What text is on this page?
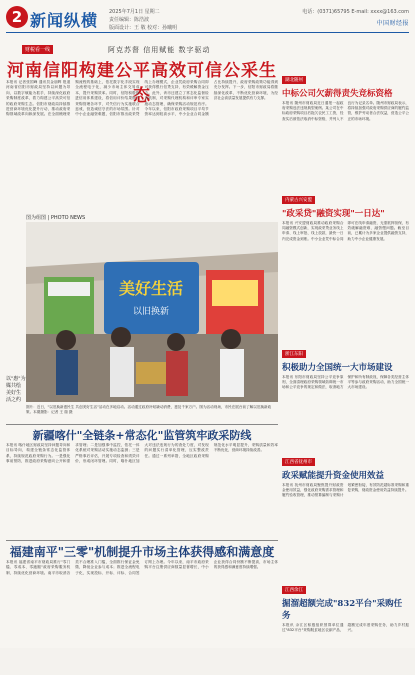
2 新闻纵横 2025年7月1日 星期二
责任编辑：陈浩波
版面设计：王 敬 校对：孙曦明
电话：(0371)65795 E-mail: xxxx@163.com
中国财经报
财税看一线	阿克苏督 信用赋能 数字驱动
河南信阳构建公平高效可信公采生态
本报讯 记者张国峰 通讯员金朋辉 报道 河南省信阳市财政局坚持以问题为导向，以数字赋能为抓手，持续深化政府采购制度改革，着力构建公平高效可信的政府采购生态。信阳市财政局持续推进营商环境优化提升行动，推动政府采购领域改革向纵深发展。在全面梳理采购流程的基础上，依托数字化手段实现全流程电子化，减少市场主体交易成本，提升采购效率。同时，信阳积极推进信用体系建设，将信用评价结果嵌入采购管理各环节，对失信行为实施联合惩戒，营造诚信守法的市场氛围。针对中小企业融资难题，信阳市推出政采贷线上办理模式，企业凭政府采购合同即可获得银行信贷支持，有效缓解资金压力。此外，该市还建立了常态化监督检查机制，对采购代理机构和评审专家实施动态管理，确保采购活动规范有序。今年以来，信阳市政府采购项目平均节资率达到较高水平，中小企业合同金额占比持续提升，政府采购政策功能得到充分发挥。下一步，信阳市财政局将继续深化改革，不断优化营商环境，为经济社会高质量发展提供有力支撑。
图为组图 | PHOTO NEWS
美好生活
以旧换新
以"惠"为媒共绘美好生活之约
图片：近日，"以旧换新惠民生 共创美好生活"活动在多地启动。活动通过政府补贴撬动消费，惠及千家万户。图为活动现场，市民在展台前了解以旧换新政策。本期摄影：记者 王 瑞 摄
新疆喀什"全链条+常态化"监管筑牢政采防线
本报讯 喀什地区财政局坚持问题导向和目标导向，构建全链条常态化监管体系，持续规范政府采购行为。一是强化事前预防，推进政府采购意向公开和需求管理；二是加强事中监控，依托一体化系统对采购活动实施动态监测；三是严格事后评估，开展专项检查和绩效评价，形成闭环管理。同时，喀什地区加大对违法违规行为的查处力度，对发现的问题实行清单化管理，压实整改责任。通过一系列举措，全地区政府采购规范化水平明显提升，采购质量和效率不断优化，营商环境持续改善。
福建南平"三零"机制提升市场主体获得感和满意度
本报讯 福建省南平市财政局推行"零门槛、零成本、零跑腿"政府采购服务机制，持续优化营商环境。南平市取消各类不合理准入门槛，全面推行保证金免缴，降低企业参与成本；推进全流程电子化，实现投标、开标、评标、合同签订网上办理。今年以来，南平市政府采购平台注册供应商数量显著增长，中小企业获得合同份额不断提高，市场主体的获得感和满意度持续增强。
湖北随州
中标公司欠薪得责失竞标资格
本报讯 随州市财政局近日通报一起政府采购违法违规典型案例。某公司在中标政府采购项目后拖欠农民工工资，经查实后被依法取消中标资格，并列入不良行为记录名单。随州市财政局表示，将持续加强对政府采购供应商的履约监管，维护劳动者合法权益，营造公平公正的市场环境。
内蒙古兴安盟
"政采贷"融资实现"一日达"
本报讯 兴安盟财政局推动政府采购合同融资模式创新，实现政采贷业务线上申请、线上审批、线上放款，最快一日内完成资金到账。中小企业凭中标合同即可在线申请融资，无需抵押担保，有效破解融资难、融资慢问题。截至目前，已累计为多家企业提供融资支持，助力中小企业健康发展。
浙江东阳
积极助力全国统一大市场建设
本报讯 东阳市财政局坚持公平竞争原则，全面清理政府采购领域妨碍统一市场和公平竞争的规定和做法，取消地方保护和所有制歧视，保障各类经营主体平等参与政府采购活动，助力全国统一大市场建设。
江西省抚州市
政采赋能提升资金使用效益
本报讯 抚州市财政局聚焦提升财政资金使用效益，强化政府采购需求管理和履约验收管理，推动预算编制与采购计划紧密衔接，有效防范超标准采购和重复采购，财政资金使用效益持续提升。
江西余江
掘溜超额完成"832平台"采购任务
本报讯 余江区积极组织预算单位通过"832平台"采购脱贫地区农副产品，超额完成年度采购任务，助力乡村振兴。
